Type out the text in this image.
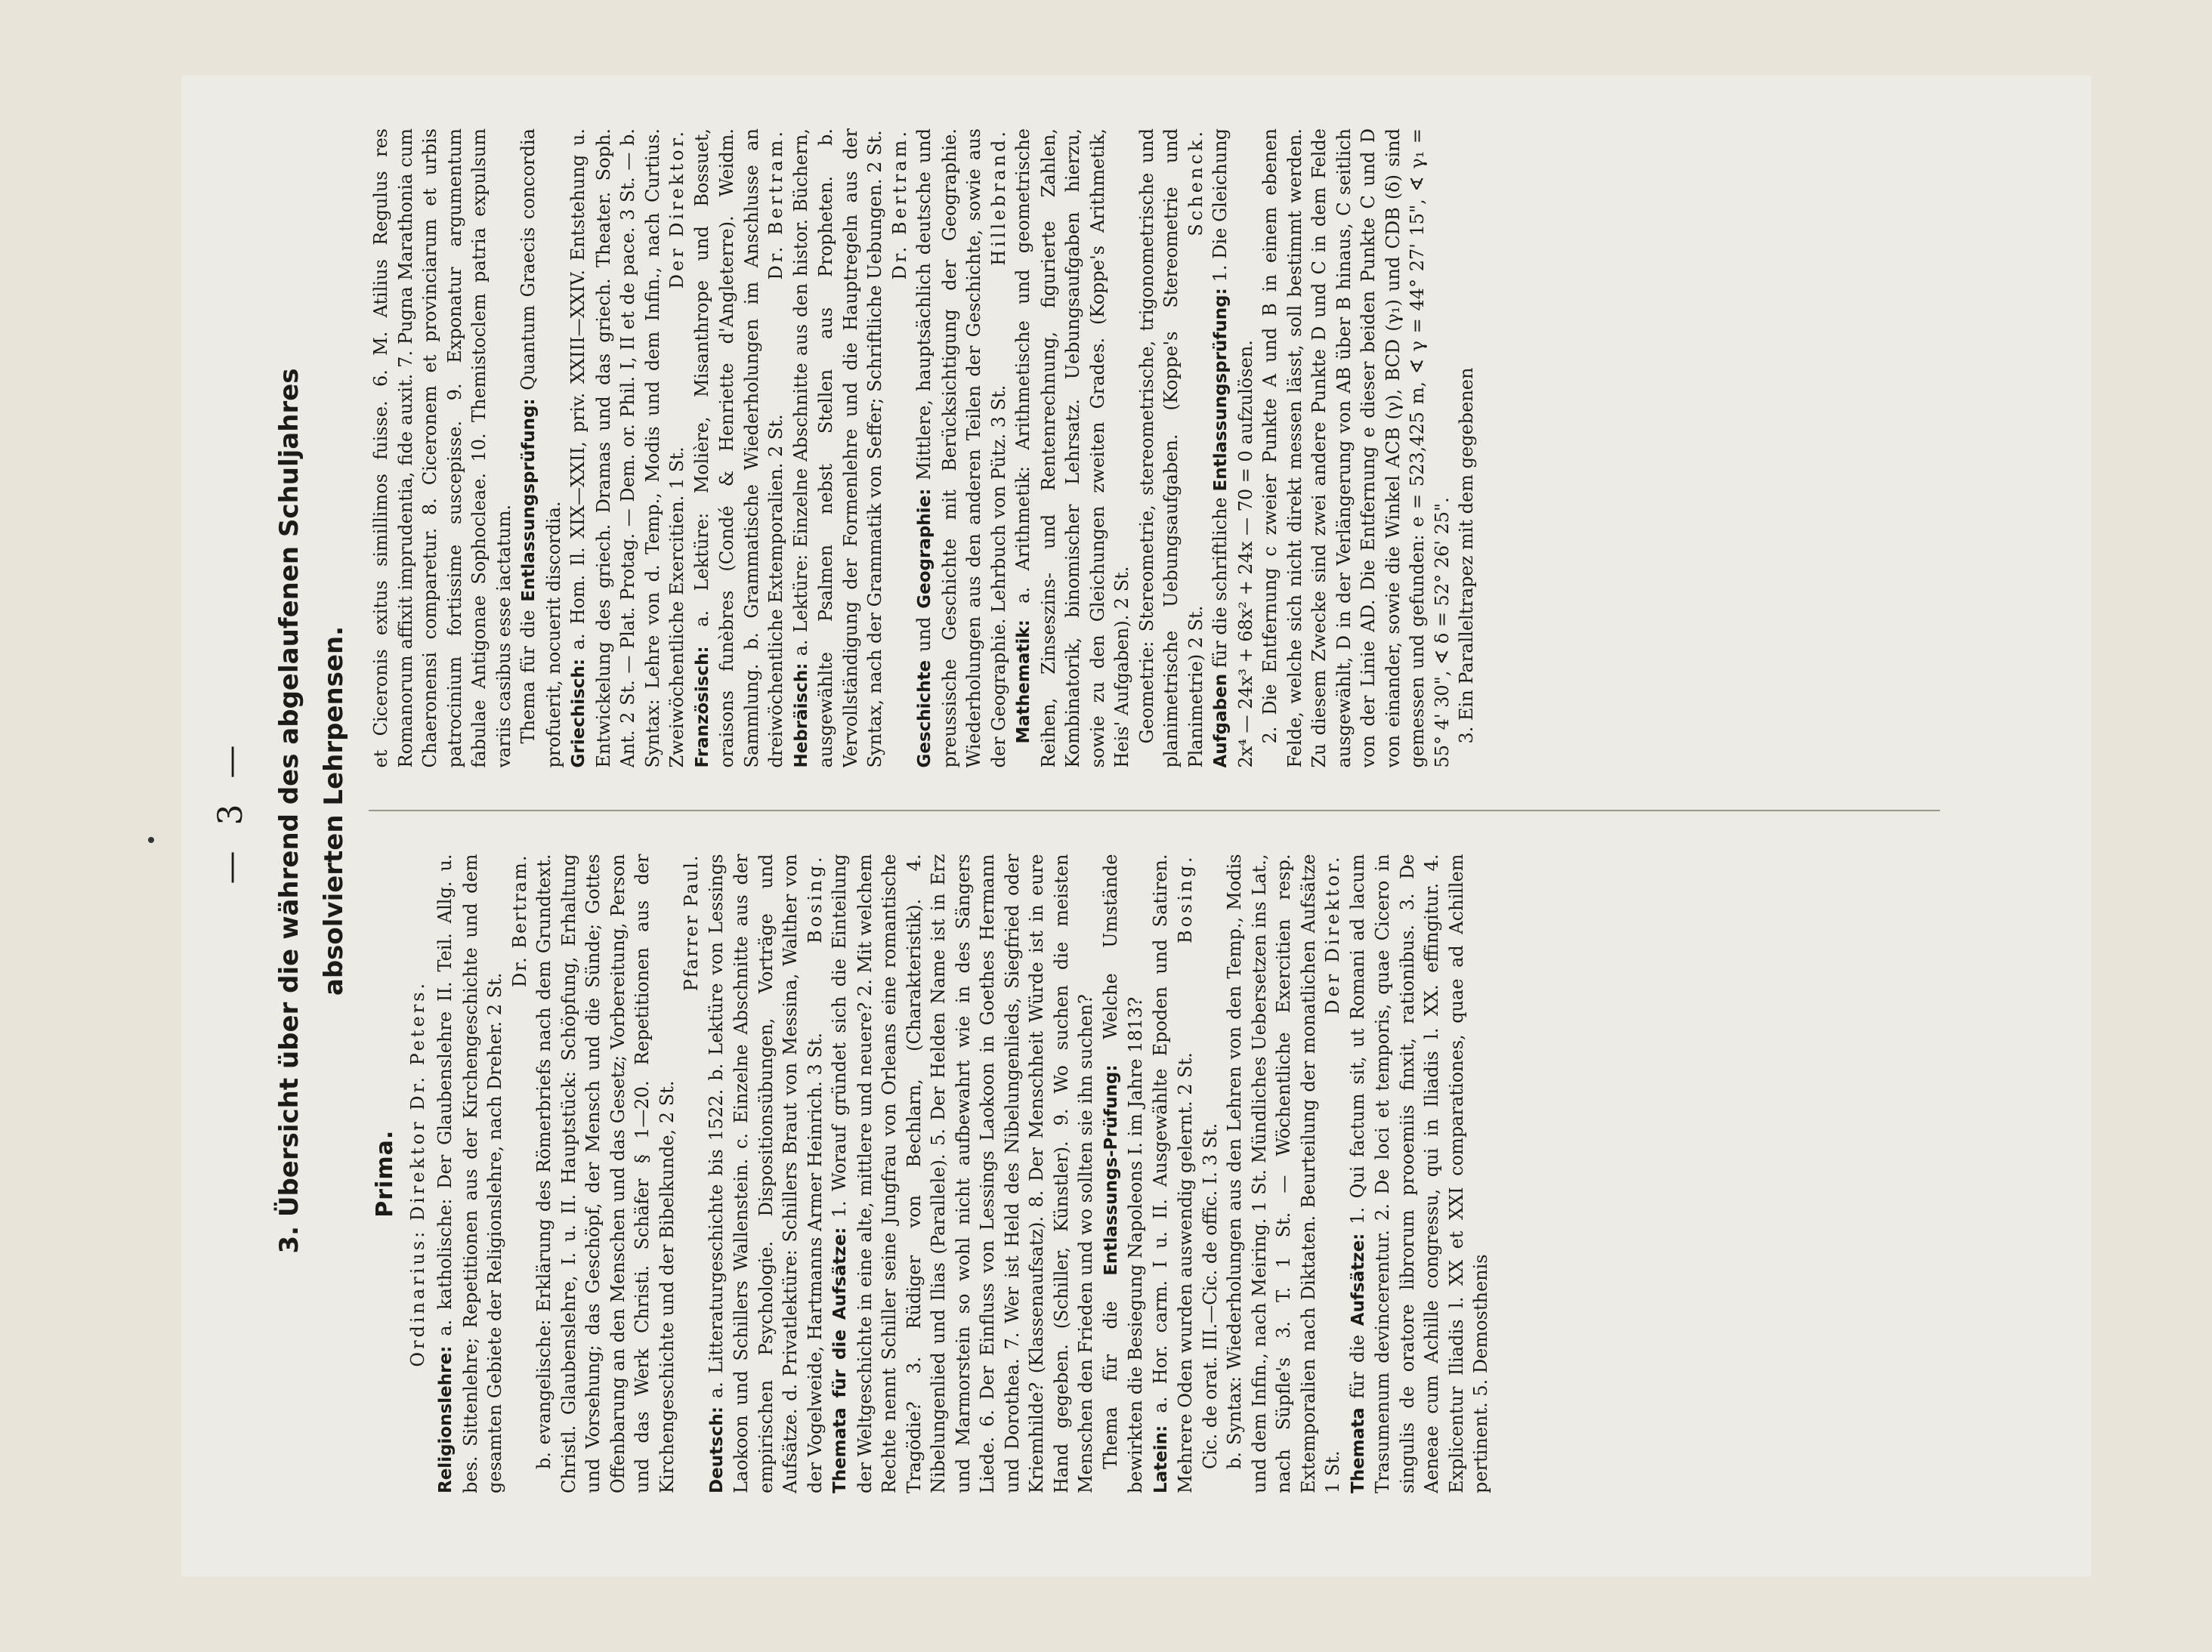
— 3 — 3. Übersicht über die während des abgelaufenen Schuljahres absolvierten Lehrpensen.

Prima.

Ordinarius: Direktor Dr. Peters.

Religionslehre: a. katholische: Der Glaubenslehre II. Teil. Allg. u. bes. Sittenlehre; Repetitionen aus der Kirchengeschichte und dem gesamten Gebiete der Religionslehre, nach Dreher. 2 St.

Dr. Bertram. b. evangelische: Erklärung des Römerbriefs nach dem Grundtext. Christl. Glaubenslehre, I. u. II. Hauptstück: Schöpfung, Erhaltung und Vorsehung; das Geschöpf, der Mensch und die Sünde; Gottes Offenbarung an den Menschen und das Gesetz; Vorbereitung, Person und das Werk Christi. Schäfer § 1—20. Repetitionen aus der Kirchengeschichte und der Bibelkunde, 2 St.

Pfarrer Paul.

Deutsch: a. Litteraturgeschichte bis 1522. b. Lektüre von Lessings Laokoon und Schillers Wallenstein. c. Einzelne Abschnitte aus der empirischen Psychologie. Dispositionsübungen, Vorträge und Aufsätze. d. Privatlektüre: Schillers Braut von Messina, Walther von der Vogelweide, Hartmanns Armer Heinrich. 3 St.
Bosing.

Themata für die Aufsätze: 1. Worauf gründet sich die Einteilung der Weltgeschichte in eine alte, mittlere und neuere? 2. Mit welchem Rechte nennt Schiller seine Jungfrau von Orleans eine romantische Tragödie? 3. Rüdiger von Bechlarn, (Charakteristik). 4. Nibelungenlied und Ilias (Parallele). 5. Der Helden Name ist in Erz und Marmorstein so wohl nicht aufbewahrt wie in des Sängers Liede. 6. Der Einfluss von Lessings Laokoon in Goethes Hermann und Dorothea. 7. Wer ist Held des Nibelungenlieds, Siegfried oder Kriemhilde? (Klassenaufsatz). 8. Der Menschheit Würde ist in eure Hand gegeben. (Schiller, Künstler). 9. Wo suchen die meisten Menschen den Frieden und wo sollten sie ihn suchen? Thema für die Entlassungs-Prüfung: Welche Umstände bewirkten die Besiegung Napoleons I. im Jahre 1813? Latein: a. Hor. carm. I u. II. Ausgewählte Epoden und Satiren. Mehrere Oden wurden auswendig gelernt. 2 St.
Bosing.

Cic. de orat. III.—Cic. de offic. I. 3 St. b. Syntax: Wiederholungen aus den Lehren von den Temp., Modis und dem Infin., nach Meiring. 1 St. Mündliches Uebersetzen ins Lat., nach Süpfle's 3. T. 1 St. — Wöchentliche Exercitien resp. Extemporalien nach Diktaten. Beurteilung der monatlichen Aufsätze 1 St.
Der Direktor.

Themata für die Aufsätze: 1. Qui factum sit, ut Romani ad lacum Trasumenum devincerentur. 2. De loci et temporis, quae Cicero in singulis de oratore librorum prooemiis finxit, rationibus. 3. De Aeneae cum Achille congressu, qui in Iliadis l. XX. effingitur. 4. Explicentur Iliadis l. XX et XXI comparationes, quae ad Achillem pertinent. 5. Demosthenis

et Ciceronis exitus simillimos fuisse. 6. M. Atilius Regulus res Romanorum affixit imprudentia, fide auxit. 7. Pugna Marathonia cum Chaeronensi comparetur. 8. Ciceronem et provinciarum et urbis patrocinium fortissime suscepisse. 9. Exponatur argumentum fabulae Antigonae Sophocleae. 10. Themistoclem patria expulsum variis casibus esse iactatum. Thema für die Entlassungsprüfung: Quantum Graecis concordia profuerit, nocuerit discordia. Griechisch: a. Hom. Il. XIX—XXII, priv. XXIII—XXIV. Entstehung u. Entwickelung des griech. Dramas und das griech. Theater. Soph. Ant. 2 St. — Plat. Protag. — Dem. or. Phil. I, II et de pace. 3 St. — b. Syntax: Lehre von d. Temp., Modis und dem Infin., nach Curtius. Zweiwöchentliche Exercitien. 1 St.
Der Direktor.

Französisch: a. Lektüre: Molière, Misanthrope und Bossuet, oraisons funèbres (Condé & Henriette d'Angleterre). Weidm. Sammlung. b. Grammatische Wiederholungen im Anschlusse an dreiwöchentliche Extemporalien. 2 St.
Dr. Bertram.

Hebräisch: a. Lektüre: Einzelne Abschnitte aus den histor. Büchern, ausgewählte Psalmen nebst Stellen aus Propheten. b. Vervollständigung der Formenlehre und die Hauptregeln aus der Syntax, nach der Grammatik von Seffer; Schriftliche Uebungen. 2 St. Dr. Bertram.

Geschichte und Geographie: Mittlere, hauptsächlich deutsche und preussische Geschichte mit Berücksichtigung der Geographie. Wiederholungen aus den anderen Teilen der Geschichte, sowie aus der Geographie. Lehrbuch von Pütz. 3 St.
Hillebrand.

Mathematik: a. Arithmetik: Arithmetische und geometrische Reihen, Zinseszins- und Rentenrechnung, figurierte Zahlen, Kombinatorik, binomischer Lehrsatz. Uebungsaufgaben hierzu, sowie zu den Gleichungen zweiten Grades. (Koppe's Arithmetik, Heis' Aufgaben). 2 St. Geometrie: Stereometrie, stereometrische, trigonometrische und planimetrische Uebungsaufgaben. (Koppe's Stereometrie und Planimetrie) 2 St.
Schenck.

Aufgaben für die schriftliche Entlassungsprüfung: 1. Die Gleichung 2x⁴ — 24x³ + 68x² + 24x — 70 = 0 aufzulösen. 2. Die Entfernung c zweier Punkte A und B in einem ebenen Felde, welche sich nicht direkt messen lässt, soll bestimmt werden. Zu diesem Zwecke sind zwei andere Punkte D und C in dem Felde ausgewählt, D in der Verlängerung von AB über B hinaus, C seitlich von der Linie AD. Die Entfernung e dieser beiden Punkte C und D von einander, sowie die Winkel ACB (γ), BCD (γ₁) und CDB (δ) sind gemessen und gefunden: e = 523,425 m, ∢ γ = 44° 27' 15", ∢ γ₁ = 55° 4' 30", ∢ δ = 52° 26' 25". 3. Ein Paralleltrapez mit dem gegebenen
